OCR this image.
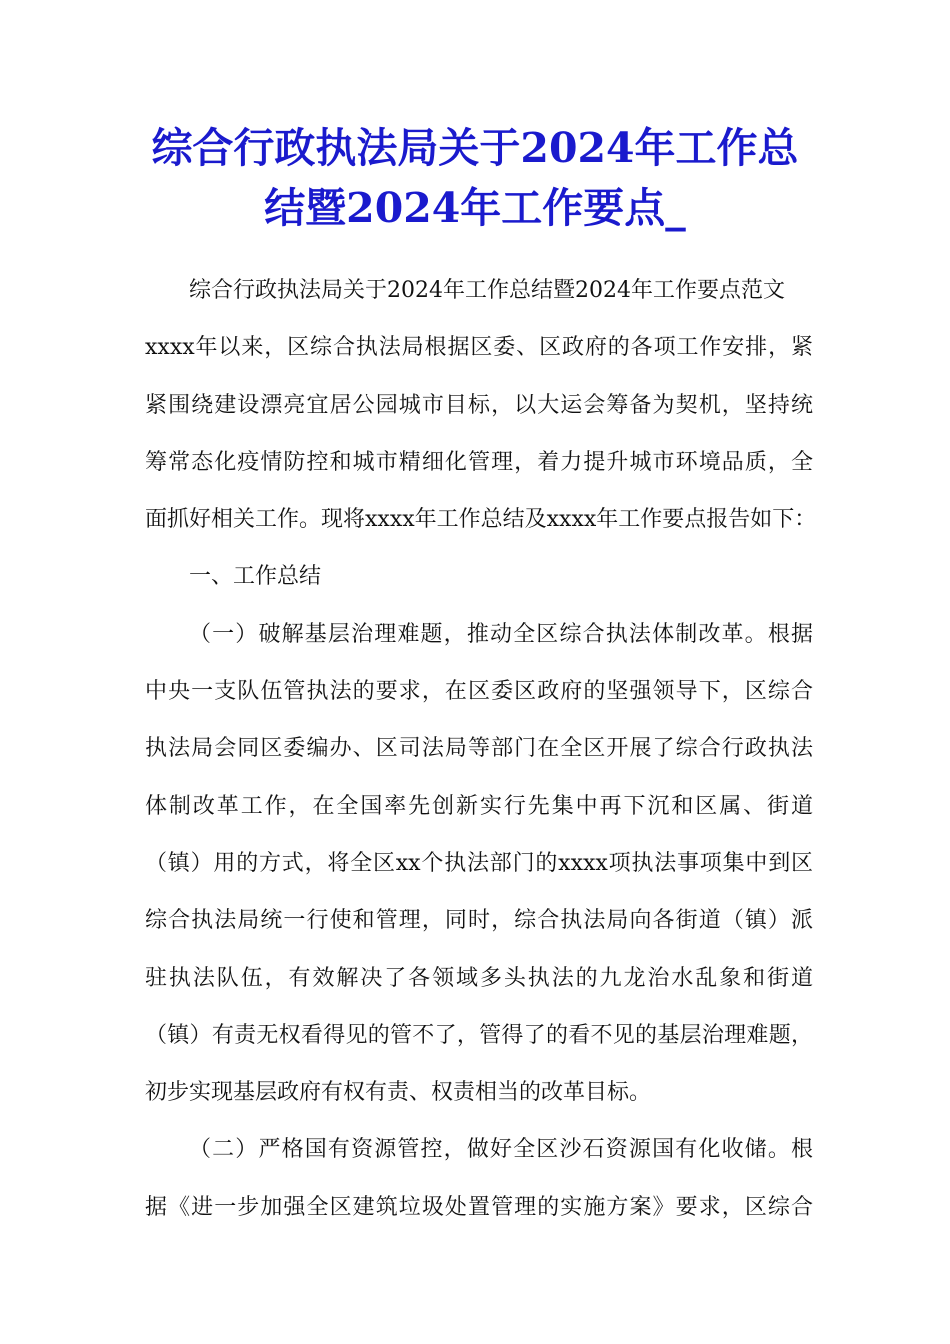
综合行政执法局关于2024年工作总
结暨2024年工作要点_
综合行政执法局关于2024年工作总结暨2024年工作要点范文
xxxx年以来，区综合执法局根据区委、区政府的各项工作安排，紧
紧围绕建设漂亮宜居公园城市目标，以大运会筹备为契机，坚持统
筹常态化疫情防控和城市精细化管理，着力提升城市环境品质，全
面抓好相关工作。现将xxxx年工作总结及xxxx年工作要点报告如下：
一、工作总结
（一）破解基层治理难题，推动全区综合执法体制改革。根据
中央一支队伍管执法的要求，在区委区政府的坚强领导下，区综合
执法局会同区委编办、区司法局等部门在全区开展了综合行政执法
体制改革工作，在全国率先创新实行先集中再下沉和区属、街道
（镇）用的方式，将全区xx个执法部门的xxxx项执法事项集中到区
综合执法局统一行使和管理，同时，综合执法局向各街道（镇）派
驻执法队伍，有效解决了各领域多头执法的九龙治水乱象和街道
（镇）有责无权看得见的管不了，管得了的看不见的基层治理难题，
初步实现基层政府有权有责、权责相当的改革目标。
（二）严格国有资源管控，做好全区沙石资源国有化收储。根
据《进一步加强全区建筑垃圾处置管理的实施方案》要求，区综合
